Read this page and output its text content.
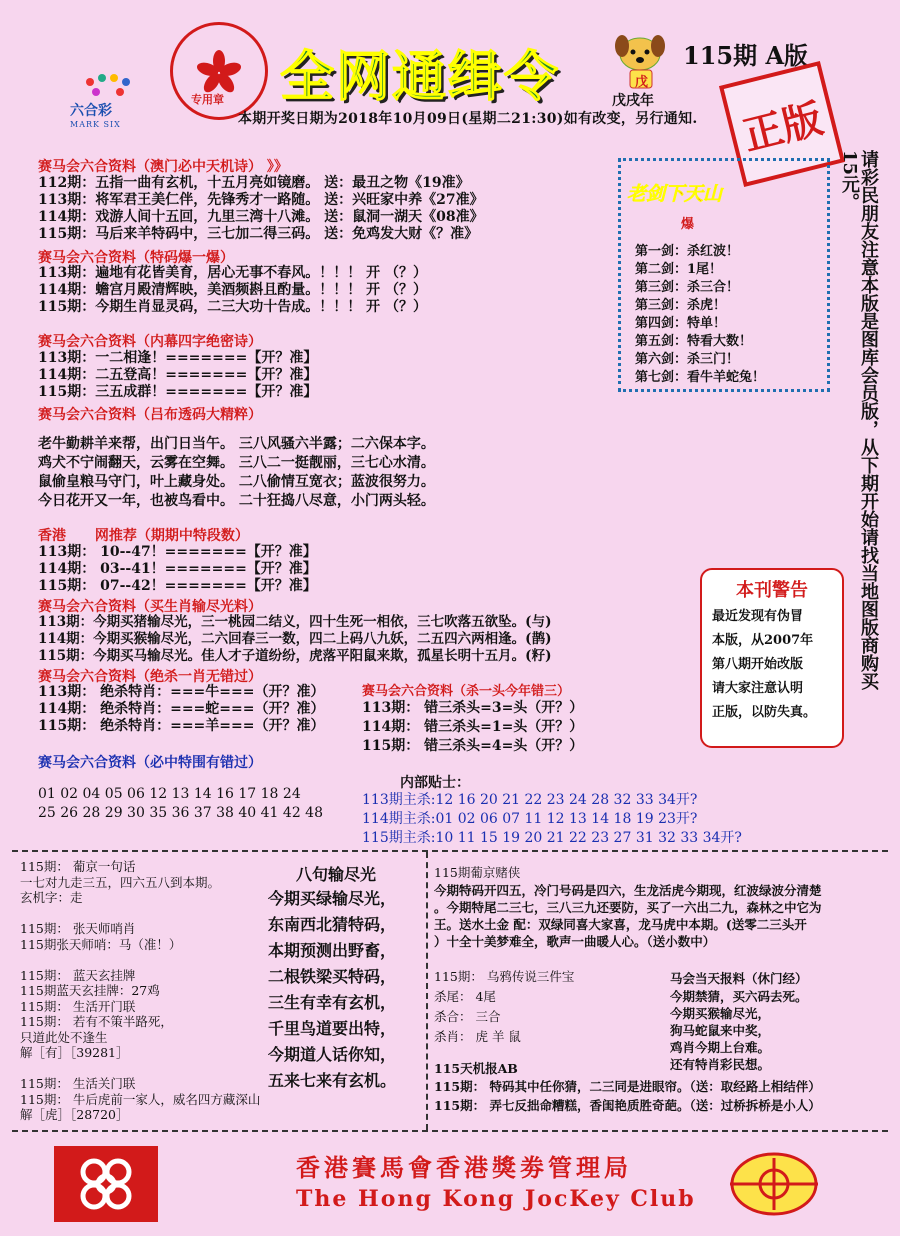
六合彩
MARK SIX
专用章 全网通缉令	戊
115期 A版
戊戌年
本期开奖日期为2018年10月09日(星期二21:30)如有改变，另行通知. 正版
赛马会六合资料（澳门必中天机诗） 》》
112期：五指一曲有玄机，十五月亮如镜磨。 送：最丑之物《19准》
113期：将军君王美仁伴，先锋秀才一路随。 送：兴旺家中养《27准》
114期：戏游人间十五回，九里三湾十八滩。 送：鼠洞一湖天《08准》
115期：马后来羊特码中，三七加二得三码。 送：免鸡发大财《？准》
赛马会六合资料（特码爆一爆）
113期：遍地有花皆美育，居心无事不春风。！！！ 开 （？）
114期：蟾宫月殿清辉映，美酒频斟且酌量。！！！ 开 （？）
115期：今期生肖显灵码，二三大功十告成。！！！ 开 （？）
赛马会六合资料（内幕四字绝密诗）
113期：一二相逢！=======【开？准】
114期：二五登高！=======【开？准】
115期：三五成群！=======【开？准】
赛马会六合资料（吕布透码大精粹）
老牛勤耕羊来帮，出门日当午。 三八风骚六半露；二六保本字。
鸡犬不宁闹翻天，云雾在空舞。 三八二一挺靓丽，三七心水清。
鼠偷皇粮马守门，叶上藏身处。 二八偷情互宽衣；蓝波很努力。
今日花开又一年，也被鸟看中。 二十狂捣八尽意，小门两头轻。
香港 网推荐（期期中特段数）
113期： 10--47！=======【开？准】
114期： 03--41！=======【开？准】
115期： 07--42！=======【开？准】
赛马会六合资料（买生肖输尽光料）
113期：今期买猪输尽光，三一桃园二结义，四十生死一相依，三七吹落五欲坠。(与)
114期：今期买猴输尽光，二六回春三一数，四二上码八九妖，二五四六两相逢。(鹊)
115期：今期买马输尽光。佳人才子道纷纷，虎落平阳鼠来欺，孤星长明十五月。(籽)
赛马会六合资料（绝杀一肖无错过）
113期： 绝杀特肖：===牛===（开？准）
114期： 绝杀特肖：===蛇===（开？准）
115期： 绝杀特肖：===羊===（开？准）
赛马会六合资料（杀一头今年错三）
113期： 错三杀头=3=头（开？）
114期： 错三杀头=1=头（开？）
115期： 错三杀头=4=头（开？）
赛马会六合资料（必中特围有错过）
01 02 04 05 06 12 13 14 16 17 18 24
25 26 28 29 30 35 36 37 38 40 41 42 48
内部贴士：
113期主杀:12 16 20 21 22 23 24 28 32 33 34开?
114期主杀:01 02 06 07 11 12 13 14 18 19 23开?
115期主杀:10 11 15 19 20 21 22 23 27 31 32 33 34开?
老剑下天山
爆
第一剑：杀红波！
第二剑：1尾！
第三剑：杀三合！
第三剑：杀虎！
第四剑：特单！
第五剑：特看大数！
第六剑：杀三门！
第七剑：看牛羊蛇兔！	请彩民朋友注意本版是图库会员版，从下期开始请找当地图版商购买15元。
本刊警告
最近发现有伪冒
本版，从2007年
第八期开始改版
请大家注意认明
正版，以防失真。
115期： 葡京一句话
一七对九走三五，四六五八到本期。
玄机字：走
115期： 张天师哨肖
115期张天师哨：马（准！）
115期： 蓝天玄挂牌
115期蓝天玄挂牌：27鸡
115期： 生活开门联
115期： 若有不策半路死，
只道此处不逢生
解［有］［39281］
115期： 生活关门联
115期： 牛后虎前一家人，威名四方藏深山
解［虎］［28720］
八句输尽光
今期买绿输尽光，
东南西北猜特码，
本期预测出野畜，
二根铁梁买特码，
三生有幸有玄机，
千里鸟道要出特，
今期道人话你知，
五来七来有玄机。
115期葡京赌侠
今期特码开四五，冷门号码是四六，生龙活虎今期现，红波绿波分清楚
。今期特尾二三七，三八三九还要防，买了一六出二九，森林之中它为
王。送水土金 配：双绿同喜大家喜，龙马虎中本期。(送零二三头开
）十全十美梦难全，歌声一曲暖人心。（送小数中）
115期： 乌鸦传说三件宝
杀尾： 4尾
杀合： 三合
杀肖： 虎 羊 鼠
马会当天报料（休门经）
今期禁猜，买六码去死。
今期买猴输尽光，
狗马蛇鼠来中奖，
鸡肖今期上台难。
还有特肖彩民想。
115天机报AB
115期： 特码其中任你猜，二三同是进眼帘。（送：取经路上相结伴）
115期： 弄七反拙命糟糕，香闺艳质胜奇葩。（送：过桥拆桥是小人）
香港賽馬會香港獎劵管理局
The Hong Kong JocKey Club
